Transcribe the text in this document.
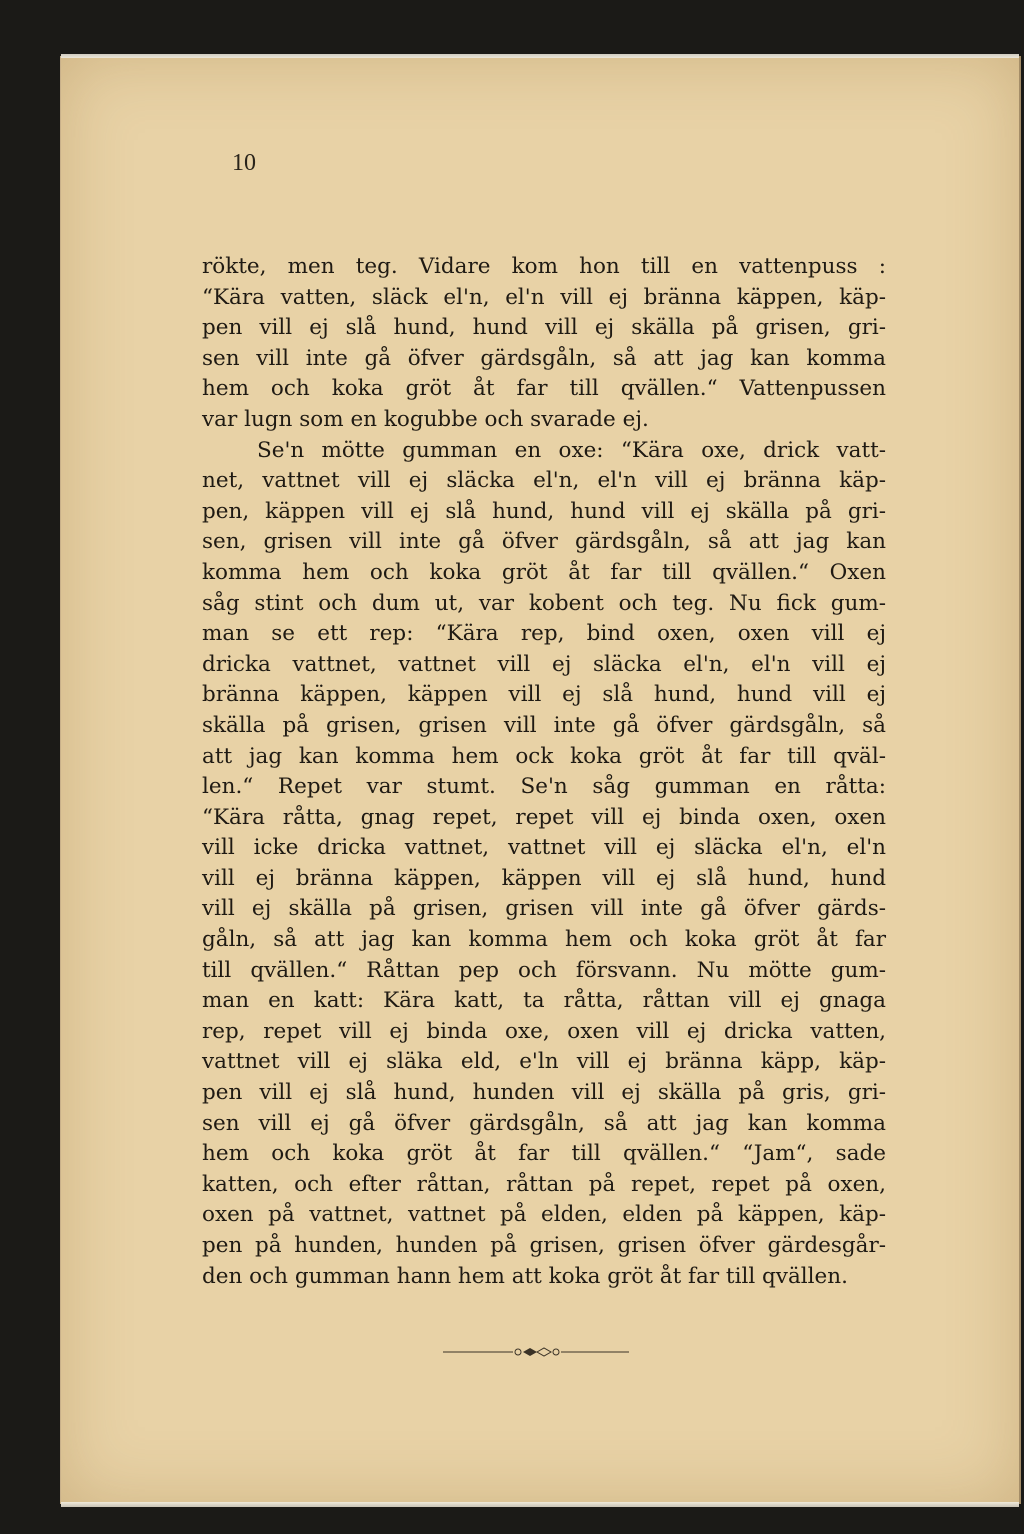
10

rökte, men teg. Vidare kom hon till en vattenpuss :
“Kära vatten, släck el'n, el'n vill ej bränna käppen, käp-
pen vill ej slå hund, hund vill ej skälla på grisen, gri-
sen vill inte gå öfver gärdsgåln, så att jag kan komma
hem och koka gröt åt far till qvällen.“ Vattenpussen
var lugn som en kogubbe och svarade ej.
Se'n mötte gumman en oxe: “Kära oxe, drick vatt-
net, vattnet vill ej släcka el'n, el'n vill ej bränna käp-
pen, käppen vill ej slå hund, hund vill ej skälla på gri-
sen, grisen vill inte gå öfver gärdsgåln, så att jag kan
komma hem och koka gröt åt far till qvällen.“ Oxen
såg stint och dum ut, var kobent och teg. Nu fick gum-
man se ett rep: “Kära rep, bind oxen, oxen vill ej
dricka vattnet, vattnet vill ej släcka el'n, el'n vill ej
bränna käppen, käppen vill ej slå hund, hund vill ej
skälla på grisen, grisen vill inte gå öfver gärdsgåln, så
att jag kan komma hem ock koka gröt åt far till qväl-
len.“ Repet var stumt. Se'n såg gumman en råtta:
“Kära råtta, gnag repet, repet vill ej binda oxen, oxen
vill icke dricka vattnet, vattnet vill ej släcka el'n, el'n
vill ej bränna käppen, käppen vill ej slå hund, hund
vill ej skälla på grisen, grisen vill inte gå öfver gärds-
gåln, så att jag kan komma hem och koka gröt åt far
till qvällen.“ Råttan pep och försvann. Nu mötte gum-
man en katt: Kära katt, ta råtta, råttan vill ej gnaga
rep, repet vill ej binda oxe, oxen vill ej dricka vatten,
vattnet vill ej släka eld, e'ln vill ej bränna käpp, käp-
pen vill ej slå hund, hunden vill ej skälla på gris, gri-
sen vill ej gå öfver gärdsgåln, så att jag kan komma
hem och koka gröt åt far till qvällen.“ “Jam“, sade
katten, och efter råttan, råttan på repet, repet på oxen,
oxen på vattnet, vattnet på elden, elden på käppen, käp-
pen på hunden, hunden på grisen, grisen öfver gärdesgår-
den och gumman hann hem att koka gröt åt far till qvällen.
